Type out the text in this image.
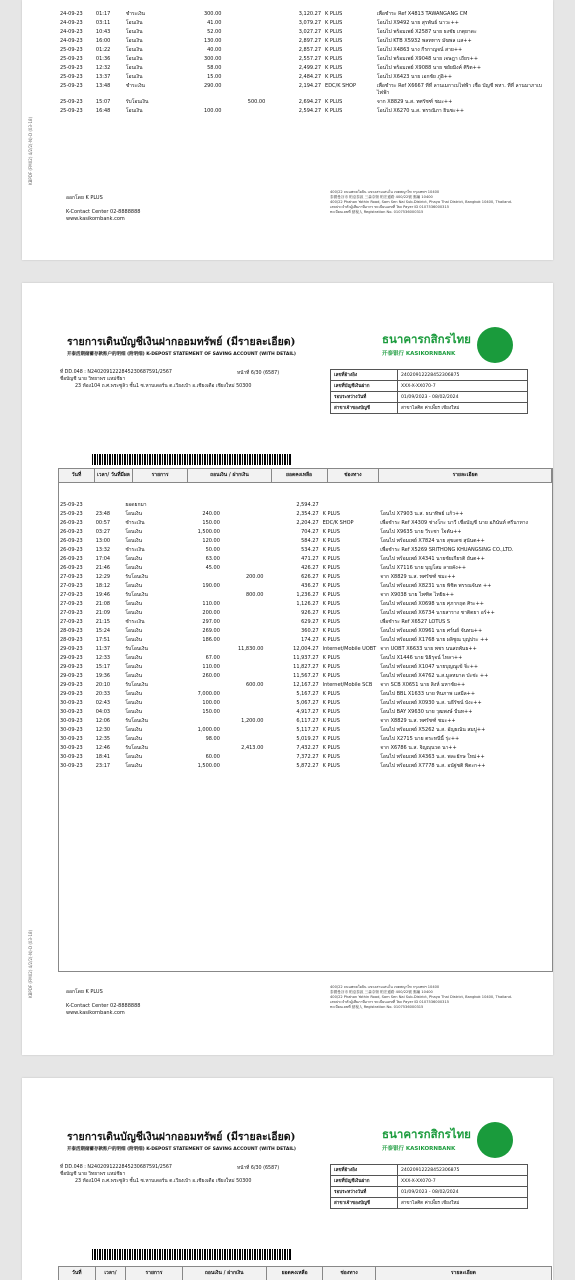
KBPDF (FM02) 4/2/2(-N)-D (03-18)
24-09-23	01:17	ชำระเงิน	300.00		3,120.27	K PLUS	เพื่อชำระ Ref X4813 TAWANGANG CM
24-09-23	03:11	โอนเงิน	41.00		3,079.27	K PLUS	โอนไป X9492 นาย สุรพันธ์ นาวะ++
24-09-23	10:43	โอนเงิน	52.00		3,027.27	K PLUS	โอนไป พร้อมเพย์ X2587 นาย ธงชัย เกตุยาดะ
24-09-23	16:00	โอนเงิน	130.00		2,897.27	K PLUS	โอนไป KTB X5932 พลทหาร มัฆพล แส++
25-09-23	01:22	โอนเงิน	40.00		2,857.27	K PLUS	โอนไป X4863 นาง กีรกาญจน์ สาย++
25-09-23	01:36	โอนเงิน	300.00		2,557.27	K PLUS	โอนไป พร้อมเพย์ X9048 นาย เจษฎา เถียร++
25-09-23	12:32	โอนเงิน	58.00		2,499.27	K PLUS	โอนไป พร้อมเพย์ X9088 นาย ชยัยมิงค์ ศิริต++
25-09-23	13:37	โอนเงิน	15.00		2,484.27	K PLUS	โอนไป X6423 นาย เอกชัย ภู่อิ++
25-09-23	13:48	ชำระเงิน	290.00		2,194.27	EDC/K SHOP	เพื่อชำระ Ref X6667 ทีที่ ลานเมกาเบไฟฟ้า เชื่อ บัญชี พหา. ทีที่ ลานมาภาเบไฟฟ้า
25-09-23	15:07	รับโอนเงิน		500.00	2,694.27	K PLUS	จาก X8829 น.ส. ทศรัชฑ์ ชมะ++
25-09-23	16:48	โอนเงิน	100.00		2,594.27	K PLUS	โอนไป X6270 น.ส. พรรณิภา ยินชะ++
ออกโดย K PLUS
K-Contact Center 02-8888888
www.kasikornbank.com
400/22 ถนนพหลโยธิน แขวงสามเสนใน เขตพญาไท กรุงเทพฯ 10400
泰國曼谷市 帕亞泰區 三森奈街 帕宏遜路 400/22號 郵編 10400
400/22 Phahon Yothin Road, Sam Sen Nai Sub-District, Phaya Thai District, Bangkok 10400, Thailand.
เลขประจำตัวผู้เสียภาษีอากร ทะเบียนเลขที่ Tax Payer ID 0107536000315
ทะเบียนเลขที่ 納稅人 Registration No. 0107536000315
รายการเดินบัญชีเงินฝากออมทรัพย์ (มีรายละเอียด)
开泰活期储蓄存款账户的明细 (附明细) K-DEPOST STATEMENT OF SAVING ACCOUNT (WITH DETAIL)
ธนาคารกสิกรไทย
开泰银行 KASIKORNBANK
ที่ DD.048 : N2402091222845230687591/2567
ชื่อบัญชี นาย วิทยาพร แหม่ชีธา
23 ห้อง104 ถ.ศ.พระซูลิว ชั้น1 ซ.หาบเดอร์น ต.เวียงเป๋า อ.เชียงเดือ เชียงใหม่ 50300
หน้าที่ 6/30 (6587)	เลขที่อ้างอิง	240209122284523068​75
เลขที่บัญชีเงินฝาก	XXX-X-XX070-7
รอบระหว่างวันที่	01/09/2023 - 08/02/2024
สาขาเจ้าของบัญชี	สาขาไลศิต ค่าเพี้ยร เชียงใหม่
วันที่	เวลา/ วันที่มีผล	รายการ	ถอนเงิน / ฝากเงิน	ยอดคงเหลือ	ช่องทาง	รายละเอียด
25-09-23		ยอดยกมา			2,594.27		
25-09-23	23:48	โอนเงิน	240.00		2,354.27	K PLUS	โอนไป X7903 น.ส. ธนาทิพย์ แก้ว++
26-09-23	00:57	ชำระเงิน	150.00		2,204.27	EDC/K SHOP	เพื่อชำระ Ref X4309 ช่างโกะ นาวี เชื่อบัญชี นาย อภินันท์ ศรีนาทาง
26-09-23	03:27	โอนเงิน	1,500.00		704.27	K PLUS	โอนไป X9635 นาย วีระชา ใจตัน++
26-09-23	13:00	โอนเงิน	120.00		584.27	K PLUS	โอนไป พร้อมเพย์ X7824 นาย สุขเดช สุนันต++
26-09-23	13:32	ชำระเงิน	50.00		534.27	K PLUS	เพื่อชำระ Ref X5269 SRITHONG KHUANGSING CO.,LTD.
26-09-23	17:04	โอนเงิน	63.00		471.27	K PLUS	โอนไป พร้อมเพย์ X4341 นายชัยเกียรติ ยันต++
26-09-23	21:46	โอนเงิน	45.00		426.27	K PLUS	โอนไป X7116 นาย บุญโสม ลายคัง++
27-09-23	12:29	รับโอนเงิน		200.00	626.27	K PLUS	จาก X8829 น.ส. ทศรัชฑ์ ชมะ++
27-09-23	18:12	โอนเงิน	190.00		436.27	K PLUS	โอนไป พร้อมเพย์ X8231 นาย พิชิต พรรณจันท ++
27-09-23	19:46	รับโอนเงิน		800.00	1,236.27	K PLUS	จาก X9038 นาย ไพฑิต ไทยิธ++
27-09-23	21:08	โอนเงิน	110.00		1,126.27	K PLUS	โอนไป พร้อมเพย์ X0698 นาย ศุภากฤต ศิระ++
27-09-23	21:09	โอนเงิน	200.00		926.27	K PLUS	โอนไป พร้อมเพย์ X6734 นายสาราง ชาติตยา อร์++
27-09-23	21:15	ชำระเงิน	297.00		629.27	K PLUS	เพื่อชำระ Ref X6527 LOTUS S
28-09-23	15:24	โอนเงิน	269.00		360.27	K PLUS	โอนไป พร้อมเพย์ X0961 นาย ศร์นย์ จันทน++
28-09-23	17:51	โอนเงิน	186.00		174.27	K PLUS	โอนไป พร้อมเพย์ X1768 นาย ผลิชูณ บุญ่ประ ++
29-09-23	11:37	รับโอนเงิน		11,830.00	12,004.27	Internet/Mobile UOBT	จาก UOBT X6633 นาย พชร นนสถพันธ++
29-09-23	12:33	โอนเงิน	67.00		11,937.27	K PLUS	โอนไป X1446 นาย นิธิรุจน์ ไหลา++
29-09-23	15:17	โอนเงิน	110.00		11,827.27	K PLUS	โอนไป พร้อมเพย์ X1047 นายบุญณูเข้ จิ่ะ++
29-09-23	19:36	โอนเงิน	260.00		11,567.27	K PLUS	โอนไป พร้อมเพย์ X4762 น.ส.มูลหมาด ป่ะช่ะ ++
29-09-23	20:10	รับโอนเงิน		600.00	12,167.27	Internet/Mobile SCB	จาก SCB X0651 นาย สิงห์ มหาชัย++
29-09-23	20:33	โอนเงิน	7,000.00		5,167.27	K PLUS	โอนไป BBL X1633 นาย ทินภาพ แสมีล++
30-09-23	02:43	โอนเงิน	100.00		5,067.27	K PLUS	โอนไป พร้อมเพย์ X0930 น.ส. นธีรัชน์ บังะ++
30-09-23	04:03	โอนเงิน	150.00		4,917.27	K PLUS	โอนไป BAY X9630 นาย วุฒพงษ์ ปั่นท++
30-09-23	12:06	รับโอนเงิน		1,200.00	6,117.27	K PLUS	จาก X8829 น.ส. ทศรัชฑ์ ชมะ++
30-09-23	12:30	โอนเงิน	1,000.00		5,117.27	K PLUS	โอนไป พร้อมเพย์ X5262 น.ส. อัญธณัน สมบู่++
30-09-23	12:35	โอนเงิน	98.00		5,019.27	K PLUS	โอนไป X2715 นาย ตระหนีนี้ รุ่ะ++
30-09-23	12:46	รับโอนเงิน		2,413.00	7,432.27	K PLUS	จาก X6786 น.ส. จิญญุนวด นา++
30-09-23	18:41	โอนเงิน	60.00		7,372.27	K PLUS	โอนไป พร้อมเพย์ X4363 น.ส. พละยักษ ใหม่++
30-09-23	23:17	โอนเงิน	1,500.00		5,872.27	K PLUS	โอนไป พร้อมเพย์ X7778 น.ส. อนัฐ่ชติ พิตะก++
KBPDF (FM02) 4/2/2(-N)-D (03-18)	ออกโดย K PLUS
K-Contact Center 02-8888888
www.kasikornbank.com
400/22 ถนนพหลโยธิน แขวงสามเสนใน เขตพญาไท กรุงเทพฯ 10400
泰國曼谷市 帕亞泰區 三森奈街 帕宏遜路 400/22號 郵編 10400
400/22 Phahon Yothin Road, Sam Sen Nai Sub-District, Phaya Thai District, Bangkok 10400, Thailand.
เลขประจำตัวผู้เสียภาษีอากร ทะเบียนเลขที่ Tax Payer ID 0107536000315
ทะเบียนเลขที่ 納稅人 Registration No. 0107536000315
รายการเดินบัญชีเงินฝากออมทรัพย์ (มีรายละเอียด)
开泰活期储蓄存款账户的明细 (附明细) K-DEPOST STATEMENT OF SAVING ACCOUNT (WITH DETAIL)
ธนาคารกสิกรไทย
开泰银行 KASIKORNBANK
ที่ DD.048 : N2402091222845230687591/2567
ชื่อบัญชี นาย วิทยาพร แหม่ชีธา
23 ห้อง104 ถ.ศ.พระซูลิว ชั้น1 ซ.หาบเดอร์น ต.เวียงเป๋า อ.เชียงเดือ เชียงใหม่ 50300
หน้าที่ 6/30 (6587)	เลขที่อ้างอิง	24020912228452306875
เลขที่บัญชีเงินฝาก	XXX-X-XX070-7
รอบระหว่างวันที่	01/09/2023 - 08/02/2024
สาขาเจ้าของบัญชี	สาขาไลศิต ค่าเพี้ยร เชียงใหม่
วันที่	เวลา/	รายการ	ถอนเงิน / ฝากเงิน	ยอดคงเหลือ	ช่องทาง	รายละเอียด
